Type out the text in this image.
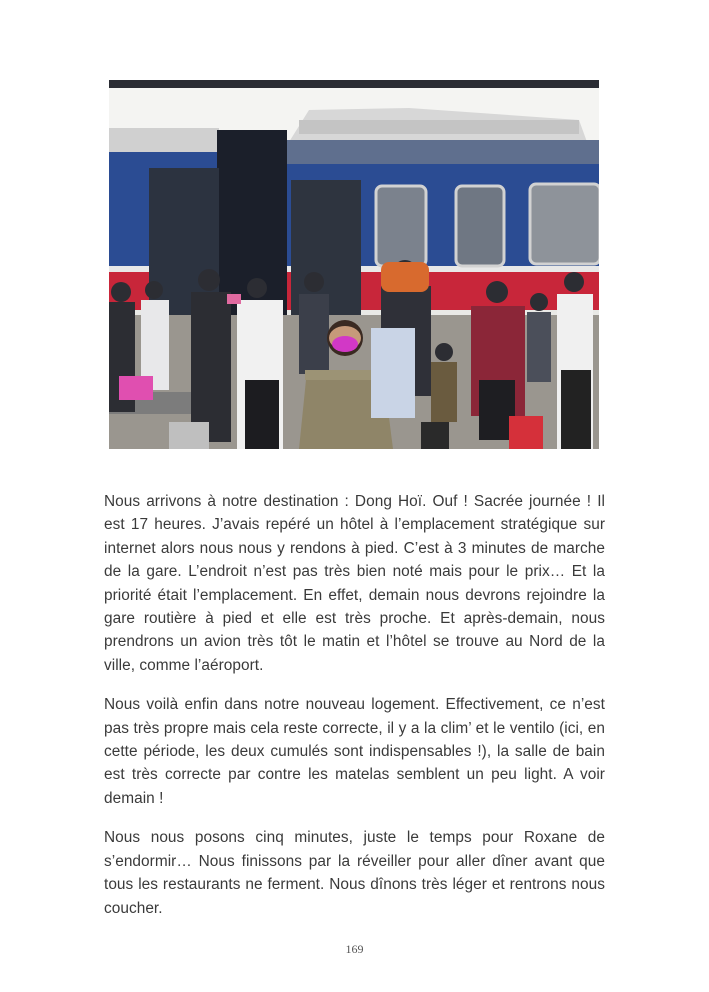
Nous arrivons à notre destination : Dong Hoï. Ouf ! Sacrée journée ! Il est 17 heures. J’avais repéré un hôtel à l’emplacement stratégique sur internet alors nous nous y rendons à pied. C’est à 3 minutes de marche de la gare. L’endroit n’est pas très bien noté mais pour le prix… Et la priorité était l’emplacement. En effet, demain nous devrons rejoindre la gare routière à pied et elle est très proche. Et après-demain, nous prendrons un avion très tôt le matin et l’hôtel se trouve au Nord de la ville, comme l’aéroport.

Nous voilà enfin dans notre nouveau logement. Effectivement, ce n’est pas très propre mais cela reste correcte, il y a la clim’ et le ventilo (ici, en cette période, les deux cumulés sont indispensables !), la salle de bain est très correcte par contre les matelas semblent un peu light. A voir demain !

Nous nous posons cinq minutes, juste le temps pour Roxane de s’endormir… Nous finissons par la réveiller pour aller dîner avant que tous les restaurants ne ferment. Nous dînons très léger et rentrons nous coucher.

169
